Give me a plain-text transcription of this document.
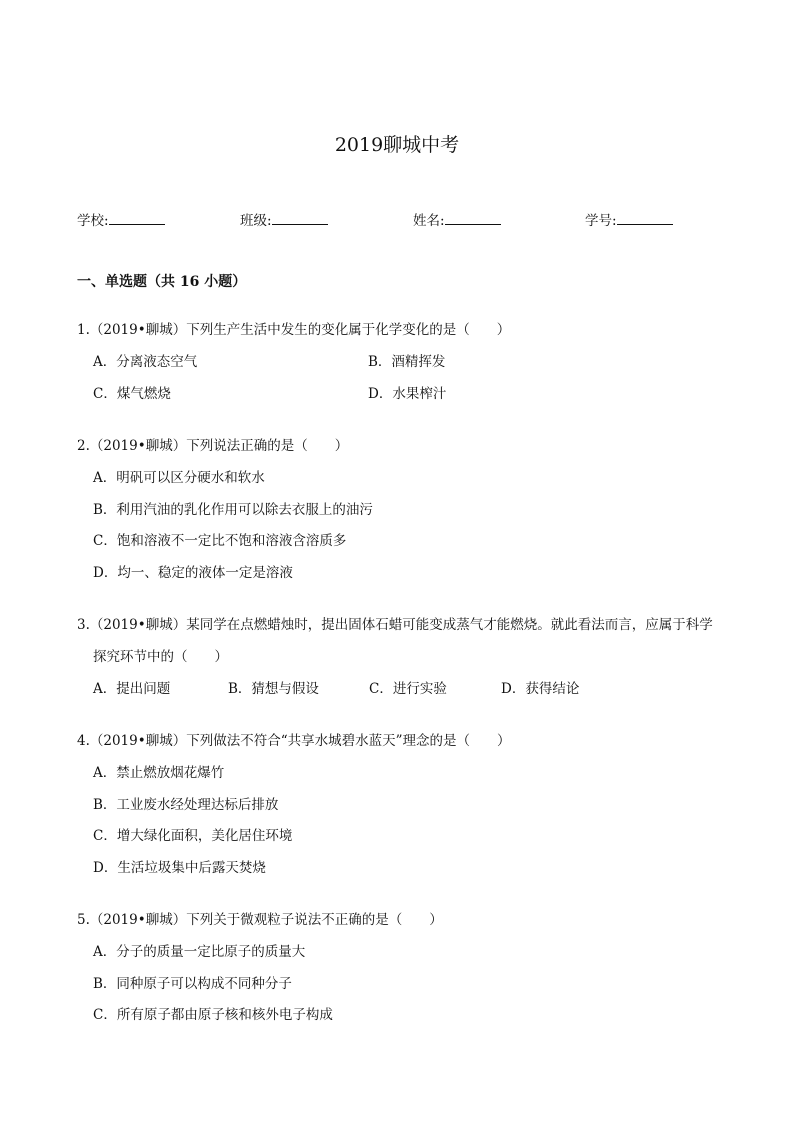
2019聊城中考
学校:	班级:	姓名:	学号:
一、单选题（共 16 小题）
1.（2019•聊城）下列生产生活中发生的变化属于化学变化的是（　　）
A．分离液态空气	B．酒精挥发
C．煤气燃烧	D．水果榨汁
2.（2019•聊城）下列说法正确的是（　　）
A．明矾可以区分硬水和软水
B．利用汽油的乳化作用可以除去衣服上的油污
C．饱和溶液不一定比不饱和溶液含溶质多
D．均一、稳定的液体一定是溶液
3.（2019•聊城）某同学在点燃蜡烛时，提出固体石蜡可能变成蒸气才能燃烧。就此看法而言，应属于科学
探究环节中的（　　）
A．提出问题	B．猜想与假设	C．进行实验	D．获得结论
4.（2019•聊城）下列做法不符合“共享水城碧水蓝天”理念的是（　　）
A．禁止燃放烟花爆竹
B．工业废水经处理达标后排放
C．增大绿化面积，美化居住环境
D．生活垃圾集中后露天焚烧
5.（2019•聊城）下列关于微观粒子说法不正确的是（　　）
A．分子的质量一定比原子的质量大
B．同种原子可以构成不同种分子
C．所有原子都由原子核和核外电子构成
